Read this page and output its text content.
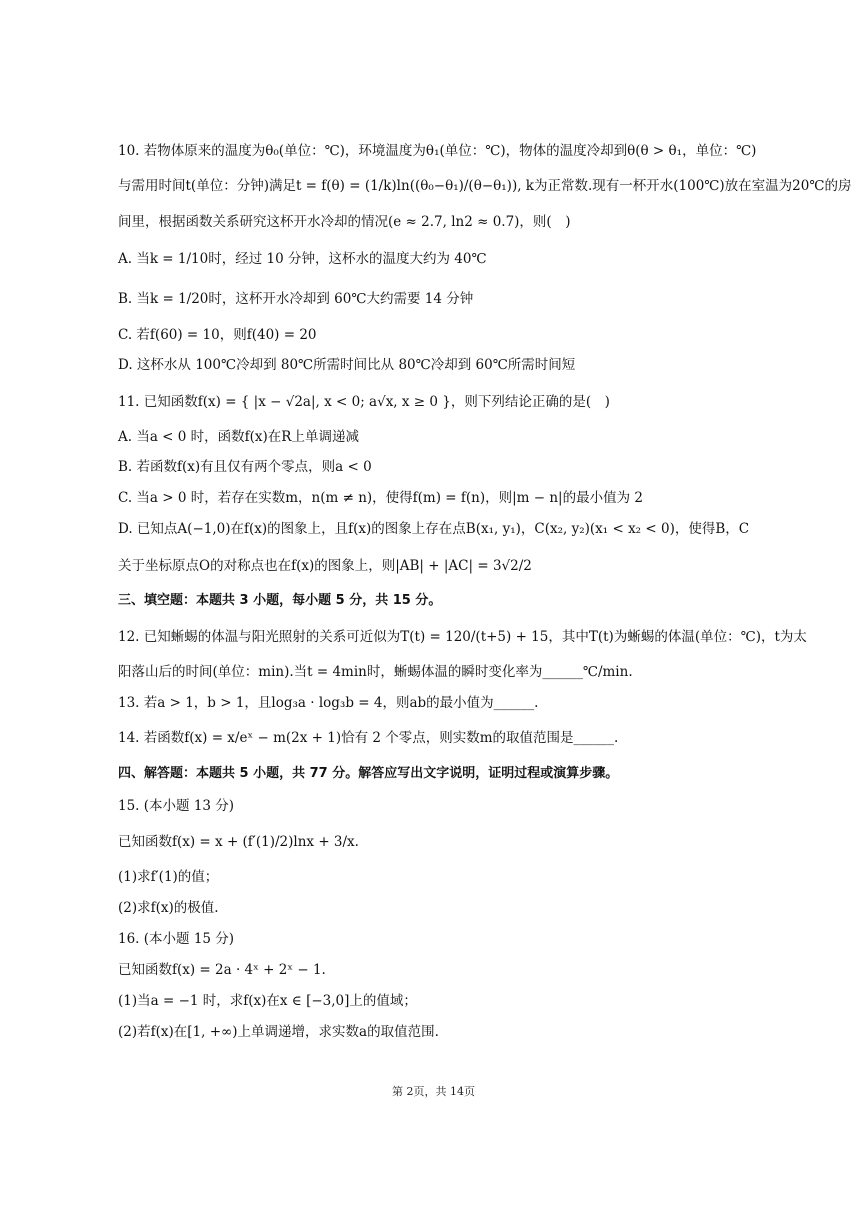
10. 若物体原来的温度为θ₀(单位：℃)，环境温度为θ₁(单位：℃)，物体的温度冷却到θ(θ > θ₁，单位：℃)
与需用时间t(单位：分钟)满足t = f(θ) = (1/k)ln((θ₀−θ₁)/(θ−θ₁)), k为正常数.现有一杯开水(100℃)放在室温为20℃的房
间里，根据函数关系研究这杯开水冷却的情况(e ≈ 2.7, ln2 ≈ 0.7)，则(　)
A. 当k = 1/10时，经过 10 分钟，这杯水的温度大约为 40℃
B. 当k = 1/20时，这杯开水冷却到 60℃大约需要 14 分钟
C. 若f(60) = 10，则f(40) = 20
D. 这杯水从 100℃冷却到 80℃所需时间比从 80℃冷却到 60℃所需时间短
11. 已知函数f(x) = { |x − √2a|, x < 0; a√x, x ≥ 0 }，则下列结论正确的是(　)
A. 当a < 0 时，函数f(x)在R上单调递减
B. 若函数f(x)有且仅有两个零点，则a < 0
C. 当a > 0 时，若存在实数m，n(m ≠ n)，使得f(m) = f(n)，则|m − n|的最小值为 2
D. 已知点A(−1,0)在f(x)的图象上，且f(x)的图象上存在点B(x₁, y₁)，C(x₂, y₂)(x₁ < x₂ < 0)，使得B，C
关于坐标原点O的对称点也在f(x)的图象上，则|AB| + |AC| = 3√2/2
三、填空题：本题共 3 小题，每小题 5 分，共 15 分。
12. 已知蜥蜴的体温与阳光照射的关系可近似为T(t) = 120/(t+5) + 15，其中T(t)为蜥蜴的体温(单位：℃)，t为太
阳落山后的时间(单位：min).当t = 4min时，蜥蜴体温的瞬时变化率为______℃/min.
13. 若a > 1，b > 1，且log₃a · log₃b = 4，则ab的最小值为______.
14. 若函数f(x) = x/eˣ − m(2x + 1)恰有 2 个零点，则实数m的取值范围是______.
四、解答题：本题共 5 小题，共 77 分。解答应写出文字说明，证明过程或演算步骤。
15. (本小题 13 分)
已知函数f(x) = x + (f′(1)/2)lnx + 3/x.
(1)求f′(1)的值；
(2)求f(x)的极值.
16. (本小题 15 分)
已知函数f(x) = 2a · 4ˣ + 2ˣ − 1.
(1)当a = −1 时，求f(x)在x ∈ [−3,0]上的值域；
(2)若f(x)在[1, +∞)上单调递增，求实数a的取值范围.
第 2页，共 14页
